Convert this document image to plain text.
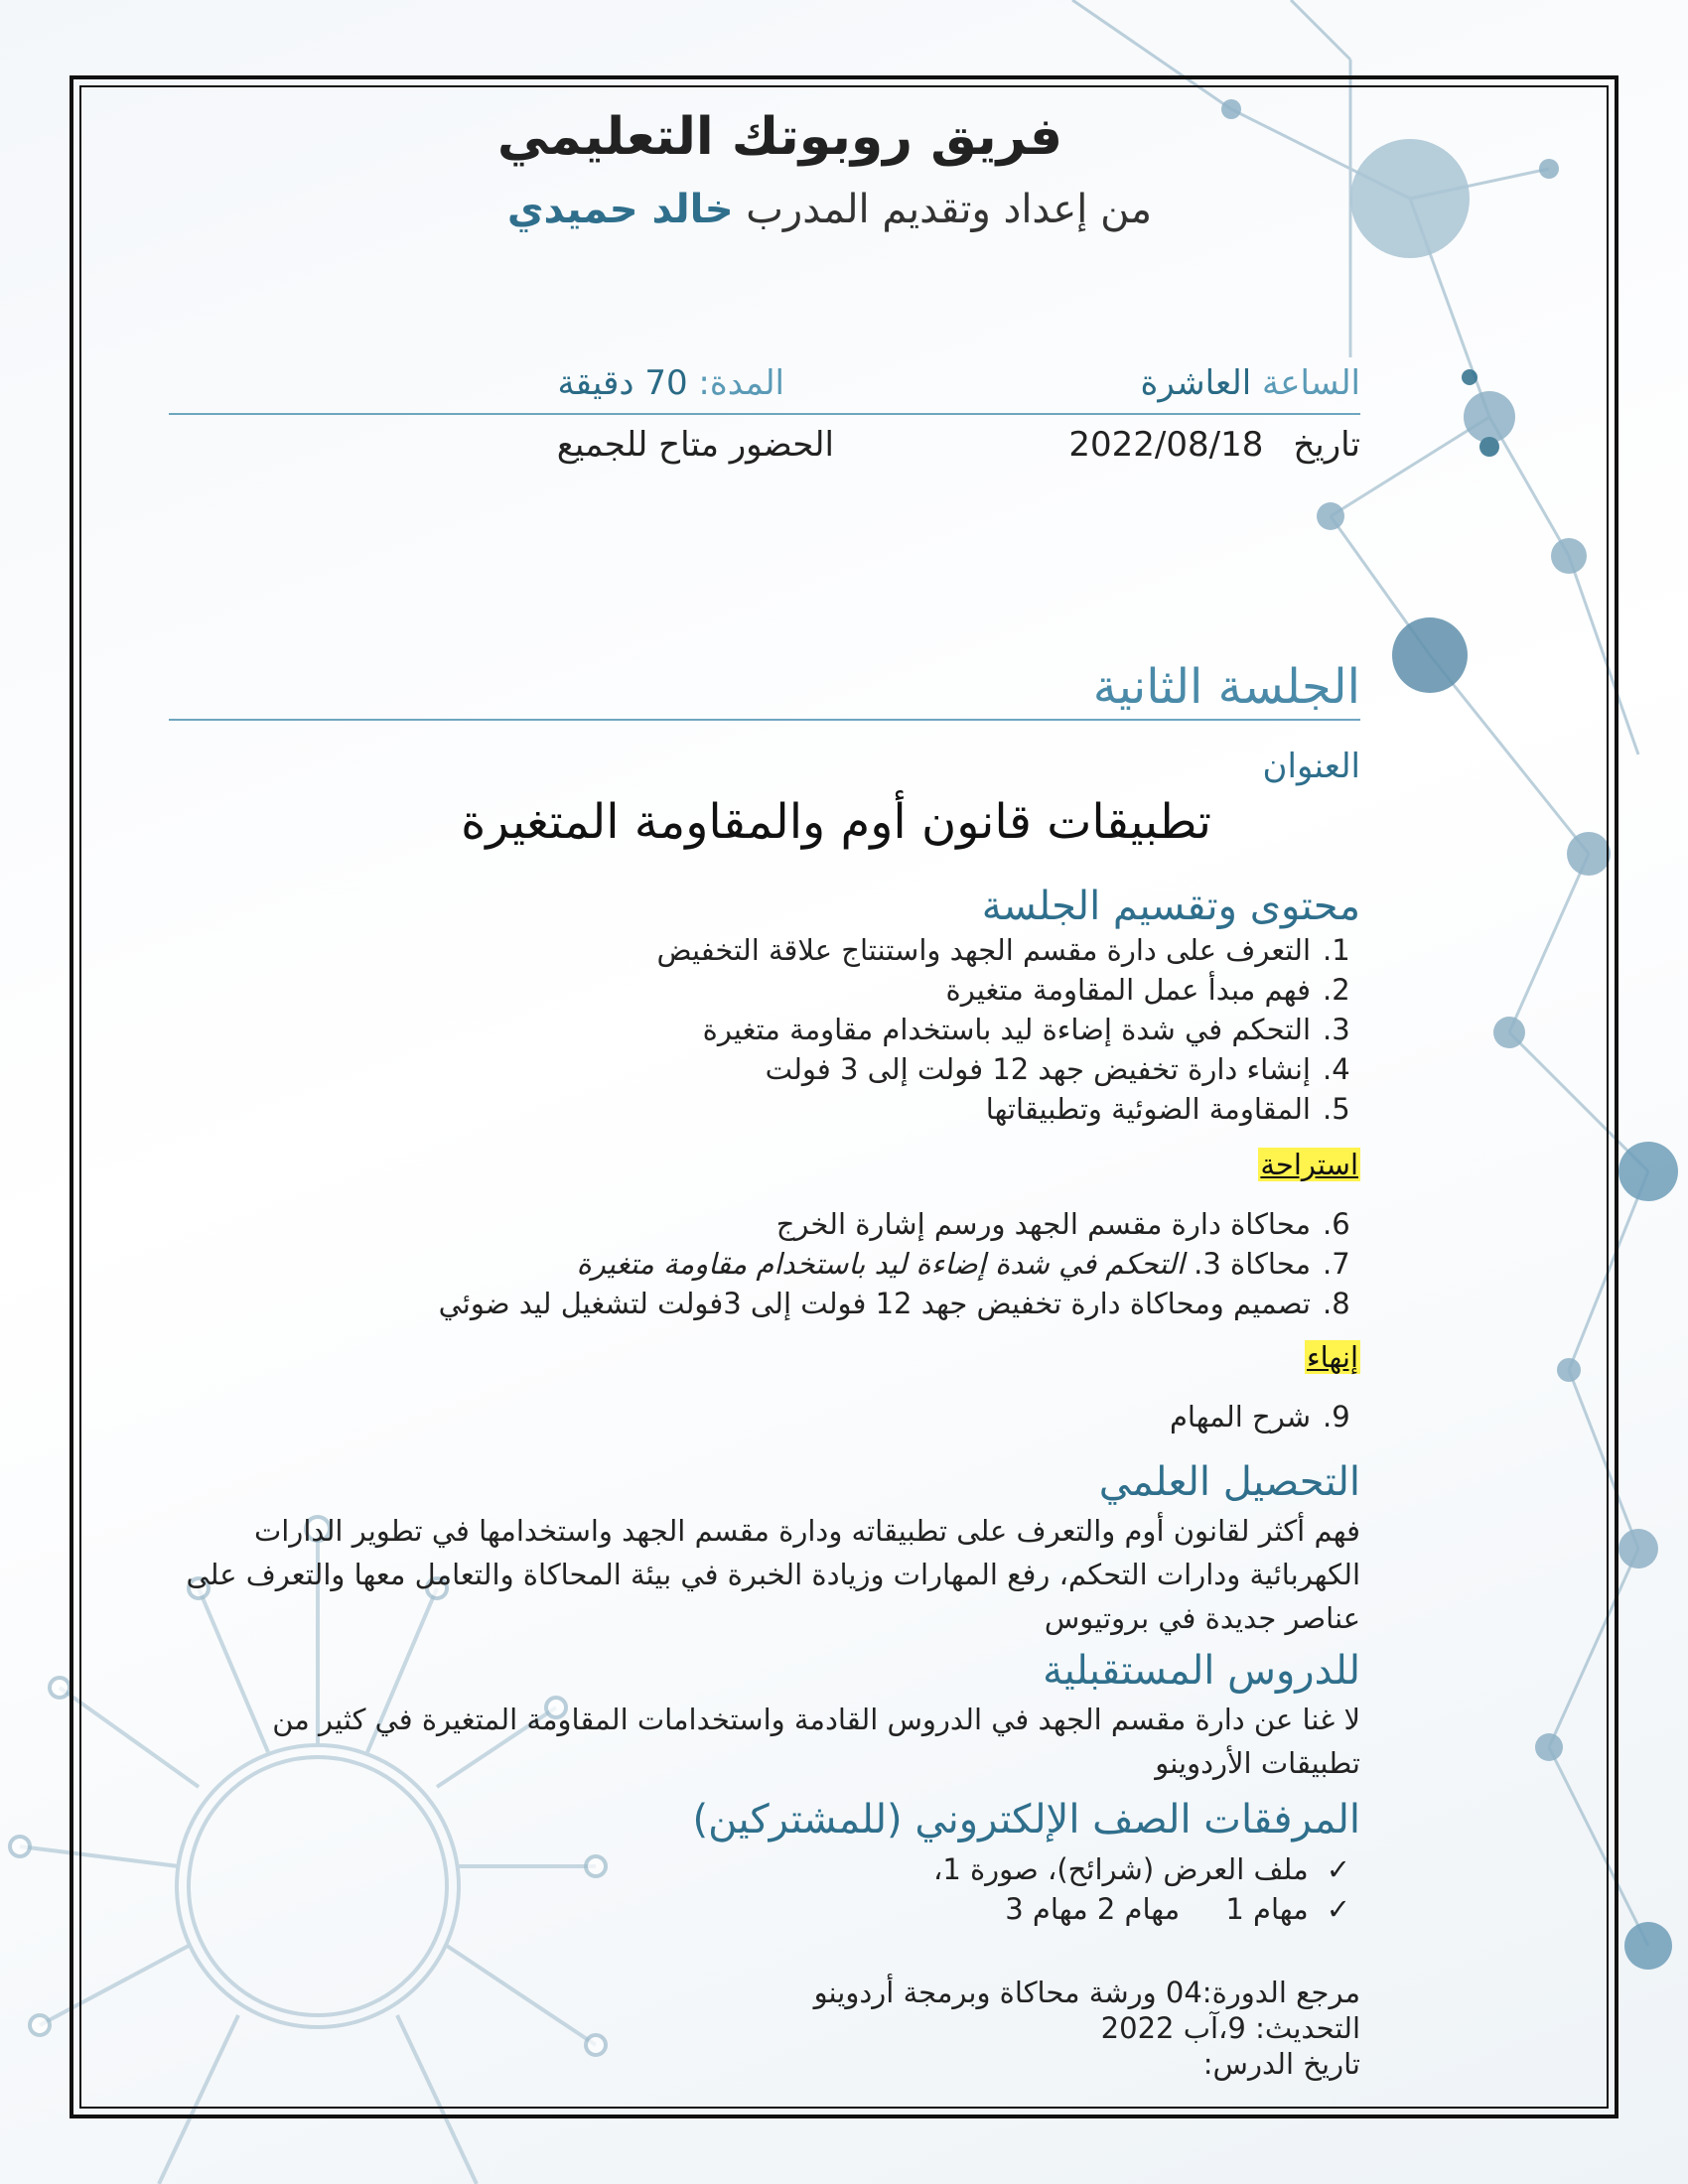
فريق روبوتك التعليمي
من إعداد وتقديم المدرب خالد حميدي
الساعة العاشرة
المدة: 70 دقيقة
تاريخ2022/08/18
الحضور متاح للجميع
الجلسة الثانية
العنوان
تطبيقات قانون أوم والمقاومة المتغيرة
محتوى وتقسيم الجلسة
1.
التعرف على دارة مقسم الجهد واستنتاج علاقة التخفيض
2.
فهم مبدأ عمل المقاومة متغيرة
3.
التحكم في شدة إضاءة ليد باستخدام مقاومة متغيرة
4.
إنشاء دارة تخفيض جهد 12 فولت إلى 3 فولت
5.
المقاومة الضوئية وتطبيقاتها
استراحة
6.
محاكاة دارة مقسم الجهد ورسم إشارة الخرج
7.
محاكاة 3. التحكم في شدة إضاءة ليد باستخدام مقاومة متغيرة
8.
تصميم ومحاكاة دارة تخفيض جهد 12 فولت إلى 3فولت لتشغيل ليد ضوئي
إنهاء
9.
شرح المهام
التحصيل العلمي
فهم أكثر لقانون أوم والتعرف على تطبيقاته ودارة مقسم الجهد واستخدامها في تطوير الدارات الكهربائية ودارات التحكم، رفع المهارات وزيادة الخبرة في بيئة المحاكاة والتعامل معها والتعرف على عناصر جديدة في بروتيوس
للدروس المستقبلية
لا غنا عن دارة مقسم الجهد في الدروس القادمة واستخدامات المقاومة المتغيرة في كثير من تطبيقات الأردوينو
المرفقات الصف الإلكتروني (للمشتركين)
✓ملف العرض (شرائح)، صورة 1،
✓مهام 1     مهام 2 مهام 3
مرجع الدورة:04 ورشة محاكاة وبرمجة أردوينو
التحديث: 9،آب 2022
تاريخ الدرس:
